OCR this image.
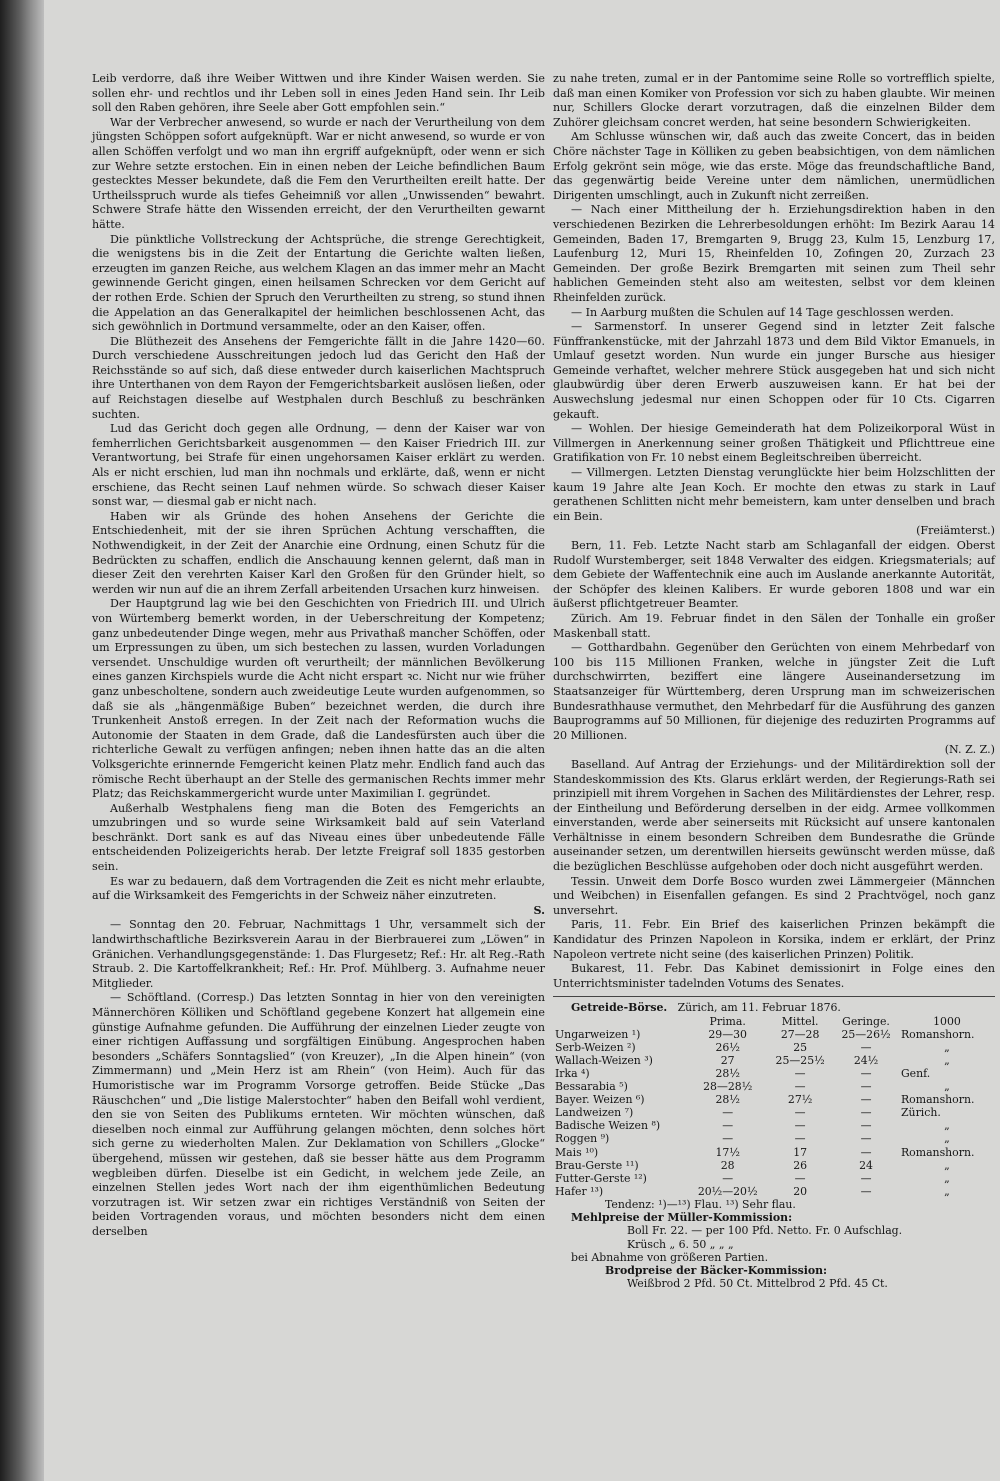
Leib verdorre, daß ihre Weiber Wittwen und ihre Kinder Waisen werden. Sie sollen ehr- und rechtlos und ihr Leben soll in eines Jeden Hand sein. Ihr Leib soll den Raben gehören, ihre Seele aber Gott empfohlen sein.“

War der Verbrecher anwesend, so wurde er nach der Verurtheilung von dem jüngsten Schöppen sofort aufgeknüpft. War er nicht anwesend, so wurde er von allen Schöffen verfolgt und wo man ihn ergriff aufgeknüpft, oder wenn er sich zur Wehre setzte erstochen. Ein in einen neben der Leiche befindlichen Baum gestecktes Messer bekundete, daß die Fem den Verurtheilten ereilt hatte. Der Urtheilsspruch wurde als tiefes Geheimniß vor allen „Unwissenden“ bewahrt. Schwere Strafe hätte den Wissenden erreicht, der den Verurtheilten gewarnt hätte.

Die pünktliche Vollstreckung der Achtsprüche, die strenge Gerechtigkeit, die wenigstens bis in die Zeit der Entartung die Gerichte walten ließen, erzeugten im ganzen Reiche, aus welchem Klagen an das immer mehr an Macht gewinnende Gericht gingen, einen heilsamen Schrecken vor dem Gericht auf der rothen Erde. Schien der Spruch den Verurtheilten zu streng, so stund ihnen die Appelation an das Generalkapitel der heimlichen beschlossenen Acht, das sich gewöhnlich in Dortmund versammelte, oder an den Kaiser, offen.

Die Blüthezeit des Ansehens der Femgerichte fällt in die Jahre 1420—60. Durch verschiedene Ausschreitungen jedoch lud das Gericht den Haß der Reichsstände so auf sich, daß diese entweder durch kaiserlichen Machtspruch ihre Unterthanen von dem Rayon der Femgerichtsbarkeit auslösen ließen, oder auf Reichstagen dieselbe auf Westphalen durch Beschluß zu beschränken suchten.

Lud das Gericht doch gegen alle Ordnung, — denn der Kaiser war von femherrlichen Gerichtsbarkeit ausgenommen — den Kaiser Friedrich III. zur Verantwortung, bei Strafe für einen ungehorsamen Kaiser erklärt zu werden. Als er nicht erschien, lud man ihn nochmals und erklärte, daß, wenn er nicht erschiene, das Recht seinen Lauf nehmen würde. So schwach dieser Kaiser sonst war, — diesmal gab er nicht nach.

Haben wir als Gründe des hohen Ansehens der Gerichte die Entschiedenheit, mit der sie ihren Sprüchen Achtung verschafften, die Nothwendigkeit, in der Zeit der Anarchie eine Ordnung, einen Schutz für die Bedrückten zu schaffen, endlich die Anschauung kennen gelernt, daß man in dieser Zeit den verehrten Kaiser Karl den Großen für den Gründer hielt, so werden wir nun auf die an ihrem Zerfall arbeitenden Ursachen kurz hinweisen.

Der Hauptgrund lag wie bei den Geschichten von Friedrich III. und Ulrich von Würtemberg bemerkt worden, in der Ueberschreitung der Kompetenz; ganz unbedeutender Dinge wegen, mehr aus Privathaß mancher Schöffen, oder um Erpressungen zu üben, um sich bestechen zu lassen, wurden Vorladungen versendet. Unschuldige wurden oft verurtheilt; der männlichen Bevölkerung eines ganzen Kirchspiels wurde die Acht nicht erspart ꝛc. Nicht nur wie früher ganz unbescholtene, sondern auch zweideutige Leute wurden aufgenommen, so daß sie als „hängenmäßige Buben“ bezeichnet werden, die durch ihre Trunkenheit Anstoß erregen. In der Zeit nach der Reformation wuchs die Autonomie der Staaten in dem Grade, daß die Landesfürsten auch über die richterliche Gewalt zu verfügen anfingen; neben ihnen hatte das an die alten Volksgerichte erinnernde Femgericht keinen Platz mehr. Endlich fand auch das römische Recht überhaupt an der Stelle des germanischen Rechts immer mehr Platz; das Reichskammergericht wurde unter Maximilian I. gegründet.

Außerhalb Westphalens fieng man die Boten des Femgerichts an umzubringen und so wurde seine Wirksamkeit bald auf sein Vaterland beschränkt. Dort sank es auf das Niveau eines über unbedeutende Fälle entscheidenden Polizeigerichts herab. Der letzte Freigraf soll 1835 gestorben sein.

Es war zu bedauern, daß dem Vortragenden die Zeit es nicht mehr erlaubte, auf die Wirksamkeit des Femgerichts in der Schweiz näher einzutreten.

S.

— Sonntag den 20. Februar, Nachmittags 1 Uhr, versammelt sich der landwirthschaftliche Bezirksverein Aarau in der Bierbrauerei zum „Löwen“ in Gränichen. Verhandlungsgegenstände: 1. Das Flurgesetz; Ref.: Hr. alt Reg.-Rath Straub. 2. Die Kartoffelkrankheit; Ref.: Hr. Prof. Mühlberg. 3. Aufnahme neuer Mitglieder.

— Schöftland. (Corresp.) Das letzten Sonntag in hier von den vereinigten Männerchören Kölliken und Schöftland gegebene Konzert hat allgemein eine günstige Aufnahme gefunden. Die Aufführung der einzelnen Lieder zeugte von einer richtigen Auffassung und sorgfältigen Einübung. Angesprochen haben besonders „Schäfers Sonntagslied“ (von Kreuzer), „In die Alpen hinein“ (von Zimmermann) und „Mein Herz ist am Rhein“ (von Heim). Auch für das Humoristische war im Programm Vorsorge getroffen. Beide Stücke „Das Räuschchen“ und „Die listige Malerstochter“ haben den Beifall wohl verdient, den sie von Seiten des Publikums ernteten. Wir möchten wünschen, daß dieselben noch einmal zur Aufführung gelangen möchten, denn solches hört sich gerne zu wiederholten Malen. Zur Deklamation von Schillers „Glocke“ übergehend, müssen wir gestehen, daß sie besser hätte aus dem Programm wegbleiben dürfen. Dieselbe ist ein Gedicht, in welchem jede Zeile, an einzelnen Stellen jedes Wort nach der ihm eigenthümlichen Bedeutung vorzutragen ist. Wir setzen zwar ein richtiges Verständniß von Seiten der beiden Vortragenden voraus, und möchten besonders nicht dem einen derselben

zu nahe treten, zumal er in der Pantomime seine Rolle so vortrefflich spielte, daß man einen Komiker von Profession vor sich zu haben glaubte. Wir meinen nur, Schillers Glocke derart vorzutragen, daß die einzelnen Bilder dem Zuhörer gleichsam concret werden, hat seine besondern Schwierigkeiten.

Am Schlusse wünschen wir, daß auch das zweite Concert, das in beiden Chöre nächster Tage in Kölliken zu geben beabsichtigen, von dem nämlichen Erfolg gekrönt sein möge, wie das erste. Möge das freundschaftliche Band, das gegenwärtig beide Vereine unter dem nämlichen, unermüdlichen Dirigenten umschlingt, auch in Zukunft nicht zerreißen.

— Nach einer Mittheilung der h. Erziehungsdirektion haben in den verschiedenen Bezirken die Lehrerbesoldungen erhöht: Im Bezirk Aarau 14 Gemeinden, Baden 17, Bremgarten 9, Brugg 23, Kulm 15, Lenzburg 17, Laufenburg 12, Muri 15, Rheinfelden 10, Zofingen 20, Zurzach 23 Gemeinden. Der große Bezirk Bremgarten mit seinen zum Theil sehr hablichen Gemeinden steht also am weitesten, selbst vor dem kleinen Rheinfelden zurück.

— In Aarburg mußten die Schulen auf 14 Tage geschlossen werden.

— Sarmenstorf. In unserer Gegend sind in letzter Zeit falsche Fünffrankenstücke, mit der Jahrzahl 1873 und dem Bild Viktor Emanuels, in Umlauf gesetzt worden. Nun wurde ein junger Bursche aus hiesiger Gemeinde verhaftet, welcher mehrere Stück ausgegeben hat und sich nicht glaubwürdig über deren Erwerb auszuweisen kann. Er hat bei der Auswechslung jedesmal nur einen Schoppen oder für 10 Cts. Cigarren gekauft.

— Wohlen. Der hiesige Gemeinderath hat dem Polizeikorporal Wüst in Villmergen in Anerkennung seiner großen Thätigkeit und Pflichttreue eine Gratifikation von Fr. 10 nebst einem Begleitschreiben überreicht.

— Villmergen. Letzten Dienstag verunglückte hier beim Holzschlitten der kaum 19 Jahre alte Jean Koch. Er mochte den etwas zu stark in Lauf gerathenen Schlitten nicht mehr bemeistern, kam unter denselben und brach ein Bein.

(Freiämterst.)

Bern, 11. Feb. Letzte Nacht starb am Schlaganfall der eidgen. Oberst Rudolf Wurstemberger, seit 1848 Verwalter des eidgen. Kriegsmaterials; auf dem Gebiete der Waffentechnik eine auch im Auslande anerkannte Autorität, der Schöpfer des kleinen Kalibers. Er wurde geboren 1808 und war ein äußerst pflichtgetreuer Beamter.

Zürich. Am 19. Februar findet in den Sälen der Tonhalle ein großer Maskenball statt.

— Gotthardbahn. Gegenüber den Gerüchten von einem Mehrbedarf von 100 bis 115 Millionen Franken, welche in jüngster Zeit die Luft durchschwirrten, beziffert eine längere Auseinandersetzung im Staatsanzeiger für Württemberg, deren Ursprung man im schweizerischen Bundesrathhause vermuthet, den Mehrbedarf für die Ausführung des ganzen Bauprogramms auf 50 Millionen, für diejenige des reduzirten Programms auf 20 Millionen.

(N. Z. Z.)

Baselland. Auf Antrag der Erziehungs- und der Militärdirektion soll der Standeskommission des Kts. Glarus erklärt werden, der Regierungs-Rath sei prinzipiell mit ihrem Vorgehen in Sachen des Militärdienstes der Lehrer, resp. der Eintheilung und Beförderung derselben in der eidg. Armee vollkommen einverstanden, werde aber seinerseits mit Rücksicht auf unsere kantonalen Verhältnisse in einem besondern Schreiben dem Bundesrathe die Gründe auseinander setzen, um derentwillen hierseits gewünscht werden müsse, daß die bezüglichen Beschlüsse aufgehoben oder doch nicht ausgeführt werden.

Tessin. Unweit dem Dorfe Bosco wurden zwei Lämmergeier (Männchen und Weibchen) in Eisenfallen gefangen. Es sind 2 Prachtvögel, noch ganz unversehrt.

Paris, 11. Febr. Ein Brief des kaiserlichen Prinzen bekämpft die Kandidatur des Prinzen Napoleon in Korsika, indem er erklärt, der Prinz Napoleon vertrete nicht seine (des kaiserlichen Prinzen) Politik.

Bukarest, 11. Febr. Das Kabinet demissionirt in Folge eines den Unterrichtsminister tadelnden Votums des Senates.

Getreide-Börse. Zürich, am 11. Februar 1876.

	Prima.	Mittel.	Geringe.	1000
Ungarweizen ¹)	29—30	27—28	25—26½	Romanshorn.
Serb-Weizen ²)	26½	25	—	„
Wallach-Weizen ³)	27	25—25½	24½	„
Irka ⁴)	28½	—	—	Genf.
Bessarabia ⁵)	28—28½	—	—	„
Bayer. Weizen ⁶)	28½	27½	—	Romanshorn.
Landweizen ⁷)	—	—	—	Zürich.
Badische Weizen ⁸)	—	—	—	„
Roggen ⁹)	—	—	—	„
Mais ¹⁰)	17½	17	—	Romanshorn.
Brau-Gerste ¹¹)	28	26	24	„
Futter-Gerste ¹²)	—	—	—	„
Hafer ¹³)	20½—20½	20	—	„

Tendenz: ¹)—¹³) Flau. ¹³) Sehr flau.

Mehlpreise der Müller-Kommission:

Boll Fr. 22. — per 100 Pfd. Netto. Fr. 0 Aufschlag.

Krüsch „ 6. 50 „ „ „

bei Abnahme von größeren Partien.

Brodpreise der Bäcker-Kommission:

Weißbrod 2 Pfd. 50 Ct. Mittelbrod 2 Pfd. 45 Ct.
